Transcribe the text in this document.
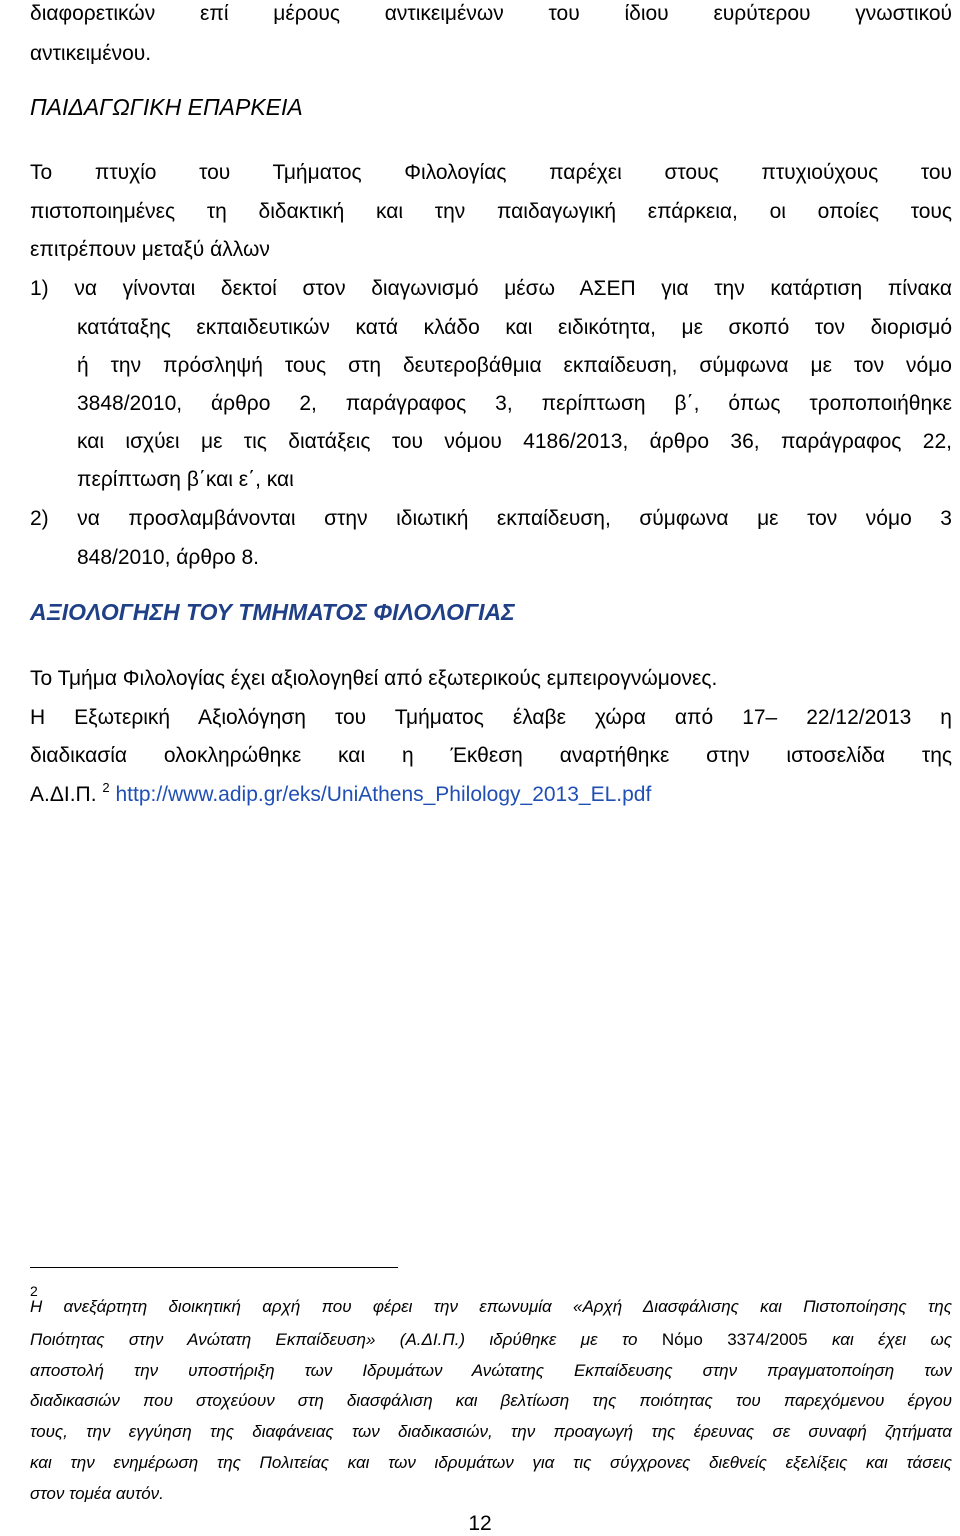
διαφορετικών επί μέρους αντικειμένων του ίδιου ευρύτερου γνωστικού
αντικειμένου.
ΠΑΙΔΑΓΩΓΙΚΗ ΕΠΑΡΚΕΙΑ
Το πτυχίο του Τμήματος Φιλολογίας παρέχει στους πτυχιούχους του
πιστοποιημένες τη διδακτική και την παιδαγωγική επάρκεια, οι οποίες τους
επιτρέπουν μεταξύ άλλων
1) να γίνονται δεκτοί στον διαγωνισμό μέσω ΑΣΕΠ για την κατάρτιση πίνακα
κατάταξης εκπαιδευτικών κατά κλάδο και ειδικότητα, με σκοπό τον διορισμό
ή την πρόσληψή τους στη δευτεροβάθμια εκπαίδευση, σύμφωνα με τον νόμο
3848/2010, άρθρο 2, παράγραφος 3, περίπτωση β΄, όπως τροποποιήθηκε
και ισχύει με τις διατάξεις του νόμου 4186/2013, άρθρο 36, παράγραφος 22,
περίπτωση β΄και ε΄, και
2) να προσλαμβάνονται στην ιδιωτική εκπαίδευση, σύμφωνα με τον νόμο 3
848/2010, άρθρο 8.
ΑΞΙΟΛΟΓΗΣΗ ΤΟΥ ΤΜΗΜΑΤΟΣ ΦΙΛΟΛΟΓΙΑΣ
Το Τμήμα Φιλολογίας έχει αξιολογηθεί από εξωτερικούς εμπειρογνώμονες.
Η Εξωτερική Αξιολόγηση του Τμήματος έλαβε χώρα από 17– 22/12/2013 η
διαδικασία ολοκληρώθηκε και η Έκθεση αναρτήθηκε στην ιστοσελίδα της
Α.ΔΙ.Π. $^2$ http://www.adip.gr/eks/UniAthens_Philology_2013_EL.pdf
2
Η ανεξάρτητη διοικητική αρχή που φέρει την επωνυμία «Αρχή Διασφάλισης και Πιστοποίησης της
Ποιότητας στην Ανώτατη Εκπαίδευση» (Α.ΔΙ.Π.) ιδρύθηκε με το Νόμο 3374/2005 και έχει ως
αποστολή την υποστήριξη των Ιδρυμάτων Ανώτατης Εκπαίδευσης στην πραγματοποίηση των
διαδικασιών που στοχεύουν στη διασφάλιση και βελτίωση της ποιότητας του παρεχόμενου έργου
τους, την εγγύηση της διαφάνειας των διαδικασιών, την προαγωγή της έρευνας σε συναφή ζητήματα
και την ενημέρωση της Πολιτείας και των ιδρυμάτων για τις σύγχρονες διεθνείς εξελίξεις και τάσεις
στον τομέα αυτόν.
12
